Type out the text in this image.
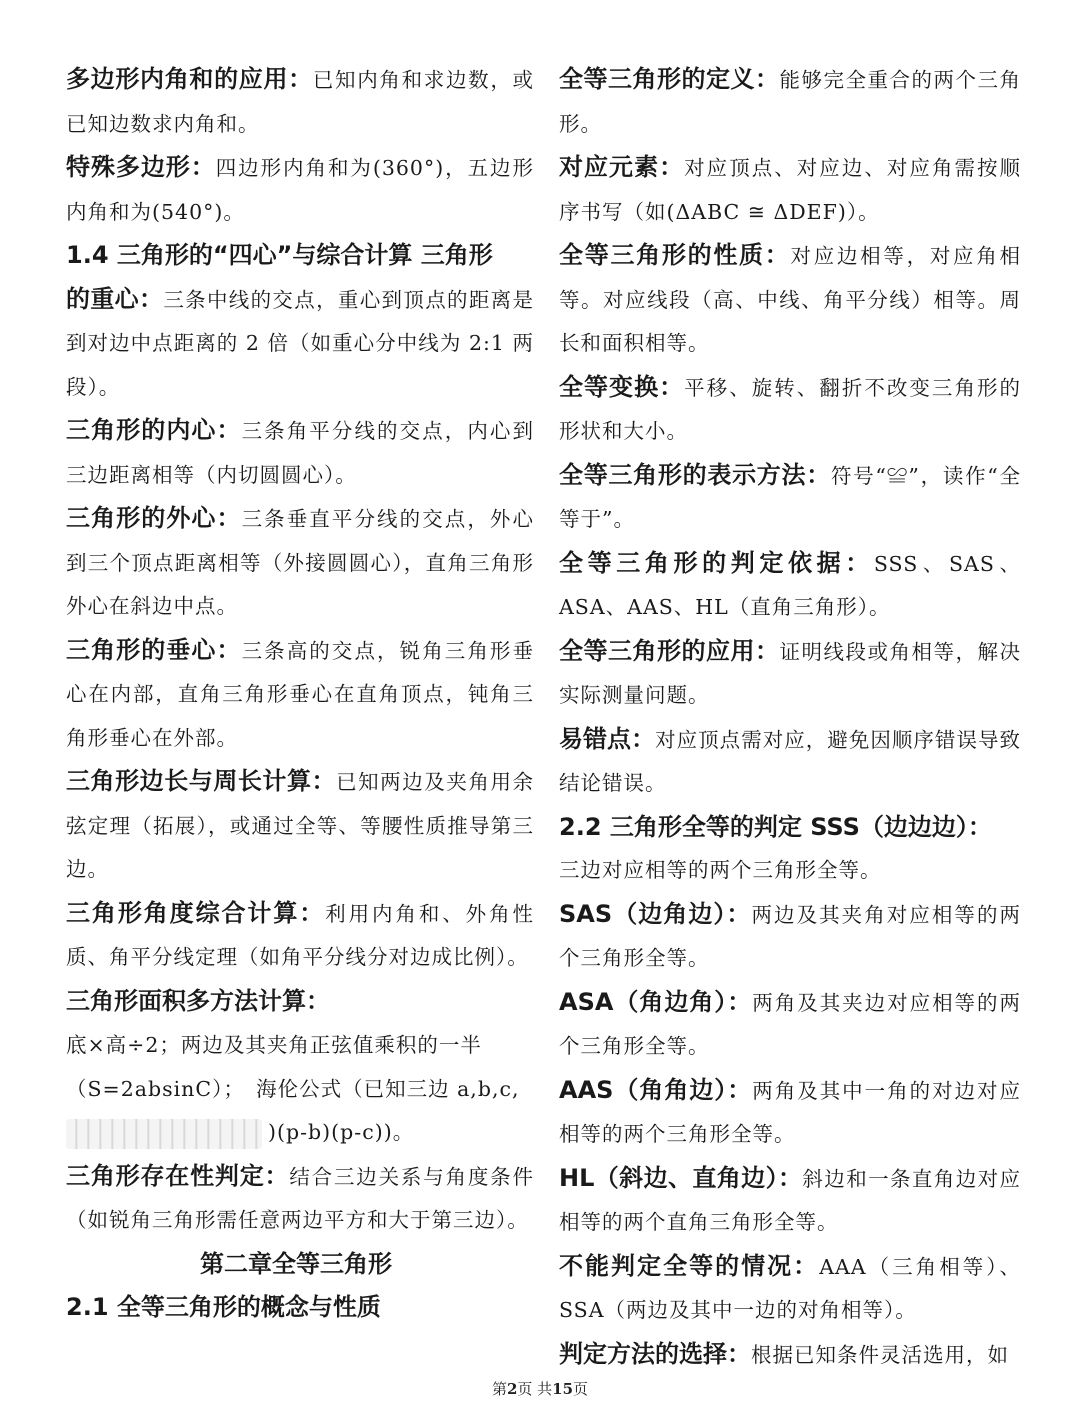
多边形内角和的应用：已知内角和求边数，或已知边数求内角和。

特殊多边形：四边形内角和为(360°)，五边形内角和为(540°)。

1.4 三角形的“四心”与综合计算 三角形

的重心：三条中线的交点，重心到顶点的距离是到对边中点距离的 2 倍（如重心分中线为 2:1 两段）。

三角形的内心：三条角平分线的交点，内心到三边距离相等（内切圆圆心）。

三角形的外心：三条垂直平分线的交点，外心到三个顶点距离相等（外接圆圆心），直角三角形外心在斜边中点。

三角形的垂心：三条高的交点，锐角三角形垂心在内部，直角三角形垂心在直角顶点，钝角三角形垂心在外部。

三角形边长与周长计算：已知两边及夹角用余弦定理（拓展），或通过全等、等腰性质推导第三边。

三角形角度综合计算：利用内角和、外角性质、角平分线定理（如角平分线分对边成比例）。

三角形面积多方法计算：

底×高÷2；两边及其夹角正弦值乘积的一半

（S=2absinC）；　海伦公式（已知三边 a,b,c,

)(p-b)(p-c))。

三角形存在性判定：结合三边关系与角度条件（如锐角三角形需任意两边平方和大于第三边）。

第二章全等三角形

2.1 全等三角形的概念与性质

全等三角形的定义：能够完全重合的两个三角形。

对应元素：对应顶点、对应边、对应角需按顺序书写（如(ΔABC ≅ ΔDEF)）。

全等三角形的性质：对应边相等，对应角相等。对应线段（高、中线、角平分线）相等。周长和面积相等。

全等变换：平移、旋转、翻折不改变三角形的形状和大小。

全等三角形的表示方法：符号“≌”，读作“全等于”。

全等三角形的判定依据：SSS、SAS、ASA、AAS、HL（直角三角形）。

全等三角形的应用：证明线段或角相等，解决实际测量问题。

易错点：对应顶点需对应，避免因顺序错误导致结论错误。

2.2 三角形全等的判定 SSS（边边边）：

三边对应相等的两个三角形全等。

SAS（边角边）：两边及其夹角对应相等的两个三角形全等。

ASA（角边角）：两角及其夹边对应相等的两个三角形全等。

AAS（角角边）：两角及其中一角的对边对应相等的两个三角形全等。

HL（斜边、直角边）：斜边和一条直角边对应相等的两个直角三角形全等。

不能判定全等的情况：AAA（三角相等）、SSA（两边及其中一边的对角相等）。

判定方法的选择：根据已知条件灵活选用，如

第2页 共15页
